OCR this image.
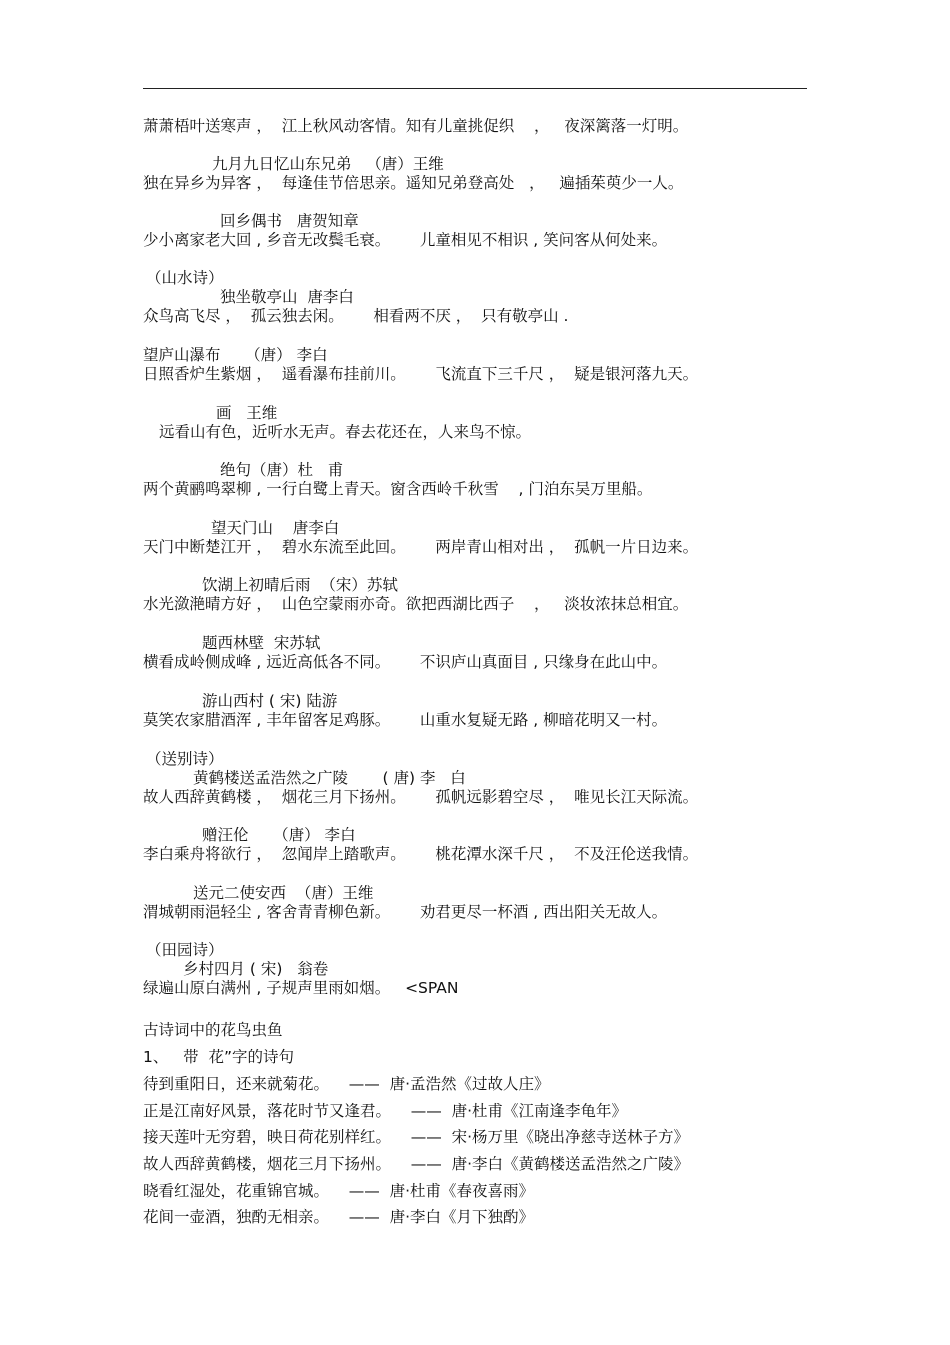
萧萧梧叶送寒声 ，  江上秋风动客情。知有儿童挑促织    ，   夜深篱落一灯明。
九月九日忆山东兄弟   （唐）王维
独在异乡为异客 ，  每逢佳节倍思亲。遥知兄弟登高处   ，   遍插茱萸少一人。
回乡偶书   唐贺知章
少小离家老大回 , 乡音无改鬓毛衰。      儿童相见不相识 , 笑问客从何处来。
（山水诗）
独坐敬亭山  唐李白
众鸟高飞尽 ，  孤云独去闲。      相看两不厌 ，  只有敬亭山 .
望庐山瀑布     （唐） 李白
日照香炉生紫烟 ，  遥看瀑布挂前川。      飞流直下三千尺 ，  疑是银河落九天。
画   王维
远看山有色，近听水无声。春去花还在，人来鸟不惊。
绝句（唐）杜   甫
两个黄鹂鸣翠柳 , 一行白鹭上青天。窗含西岭千秋雪    , 门泊东吴万里船。
望天门山    唐李白
天门中断楚江开 ，  碧水东流至此回。      两岸青山相对出 ，  孤帆一片日边来。
饮湖上初晴后雨  （宋）苏轼
水光潋滟晴方好 ，  山色空蒙雨亦奇。欲把西湖比西子    ，   淡妆浓抹总相宜。
题西林壁  宋苏轼
横看成岭侧成峰 , 远近高低各不同。      不识庐山真面目 , 只缘身在此山中。
游山西村 ( 宋) 陆游
莫笑农家腊酒浑 , 丰年留客足鸡豚。      山重水复疑无路 , 柳暗花明又一村。
（送别诗）
黄鹤楼送孟浩然之广陵       ( 唐) 李   白
故人西辞黄鹤楼 ，  烟花三月下扬州。      孤帆远影碧空尽 ，  唯见长江天际流。
赠汪伦     （唐） 李白
李白乘舟将欲行 ，  忽闻岸上踏歌声。      桃花潭水深千尺 ，  不及汪伦送我情。
送元二使安西  （唐）王维
渭城朝雨浥轻尘 , 客舍青青柳色新。      劝君更尽一杯酒 , 西出阳关无故人。
（田园诗）
乡村四月 ( 宋)   翁卷
绿遍山原白满州 , 子规声里雨如烟。   <SPAN
古诗词中的花鸟虫鱼
1、   带  花”字的诗句
待到重阳日，还来就菊花。    ——  唐·孟浩然《过故人庄》
正是江南好风景，落花时节又逢君。    ——  唐·杜甫《江南逢李龟年》
接天莲叶无穷碧，映日荷花别样红。    ——  宋·杨万里《晓出净慈寺送林子方》
故人西辞黄鹤楼，烟花三月下扬州。    ——  唐·李白《黄鹤楼送孟浩然之广陵》
晓看红湿处，花重锦官城。    ——  唐·杜甫《春夜喜雨》
花间一壶酒，独酌无相亲。    ——  唐·李白《月下独酌》
